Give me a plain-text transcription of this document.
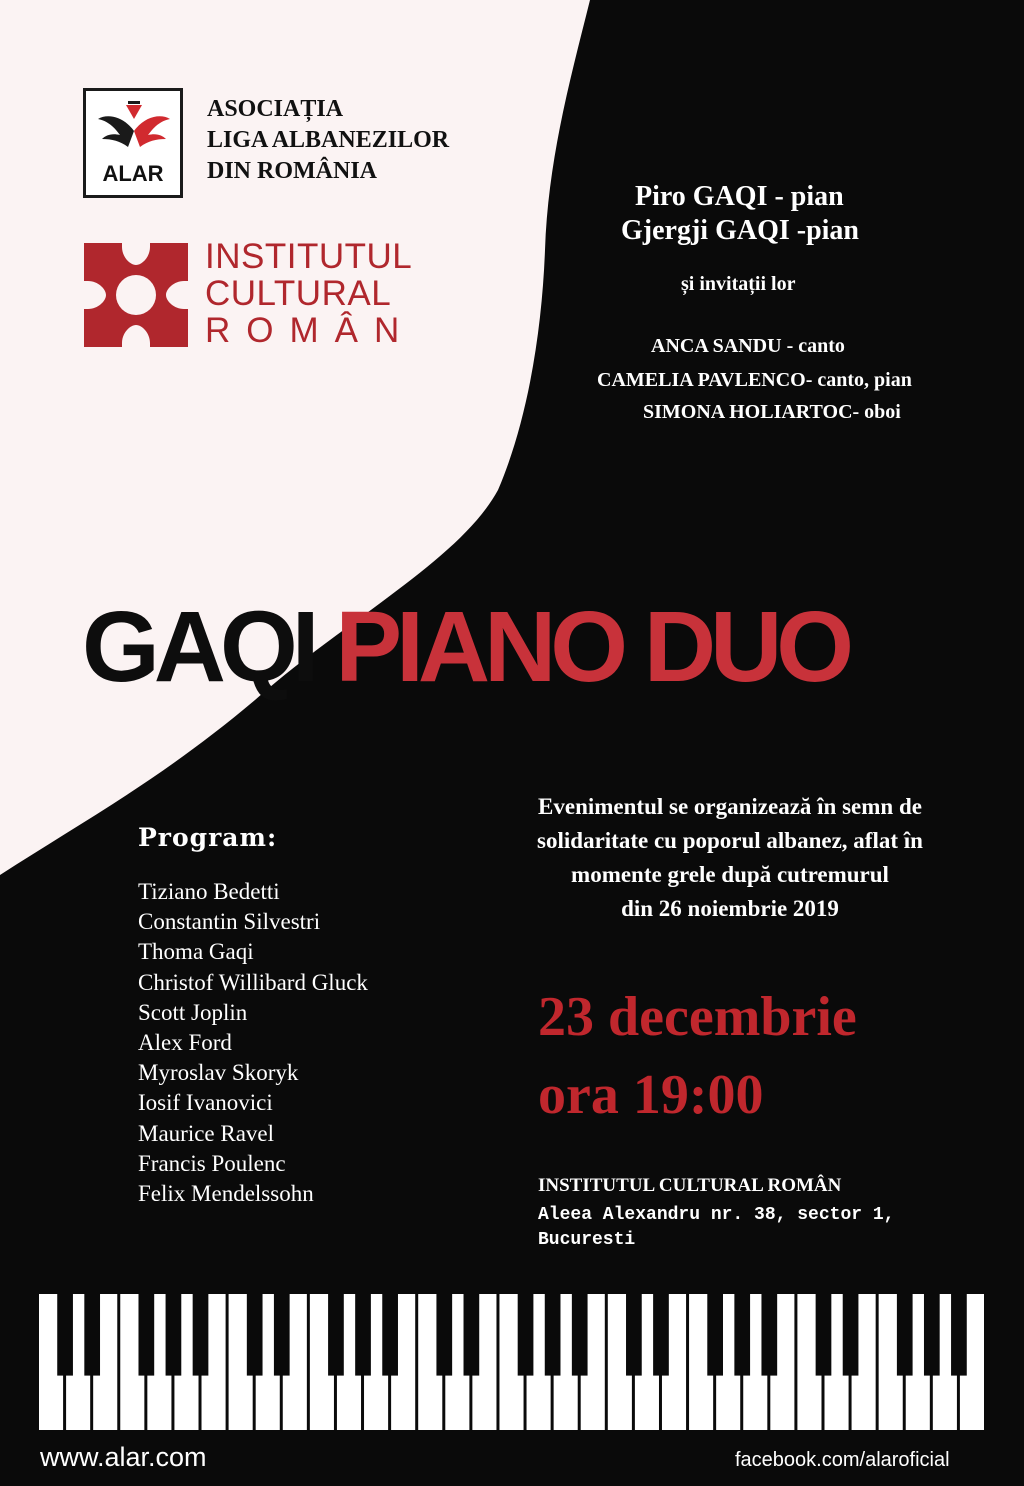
ALAR
ASOCIAȚIA
LIGA ALBANEZILOR
DIN ROMÂNIA
INSTITUTUL
CULTURAL
ROMÂN
Piro GAQI - pian
Gjergji GAQI -pian
și invitații lor
ANCA SANDU - canto
CAMELIA PAVLENCO- canto, pian
SIMONA HOLIARTOC- oboi
GAQI PIANO DUO
Program:
Tiziano Bedetti
Constantin Silvestri
Thoma Gaqi
Christof Willibard Gluck
Scott Joplin
Alex Ford
Myroslav Skoryk
Iosif Ivanovici
Maurice Ravel
Francis Poulenc
Felix Mendelssohn
Evenimentul se organizează în semn de
solidaritate cu poporul albanez, aflat în
momente grele după cutremurul
din 26 noiembrie 2019
23 decembrie
ora 19:00
INSTITUTUL CULTURAL ROMÂN
Aleea Alexandru nr. 38, sector 1,
Bucuresti
www.alar.com	facebook.com/alaroficial
